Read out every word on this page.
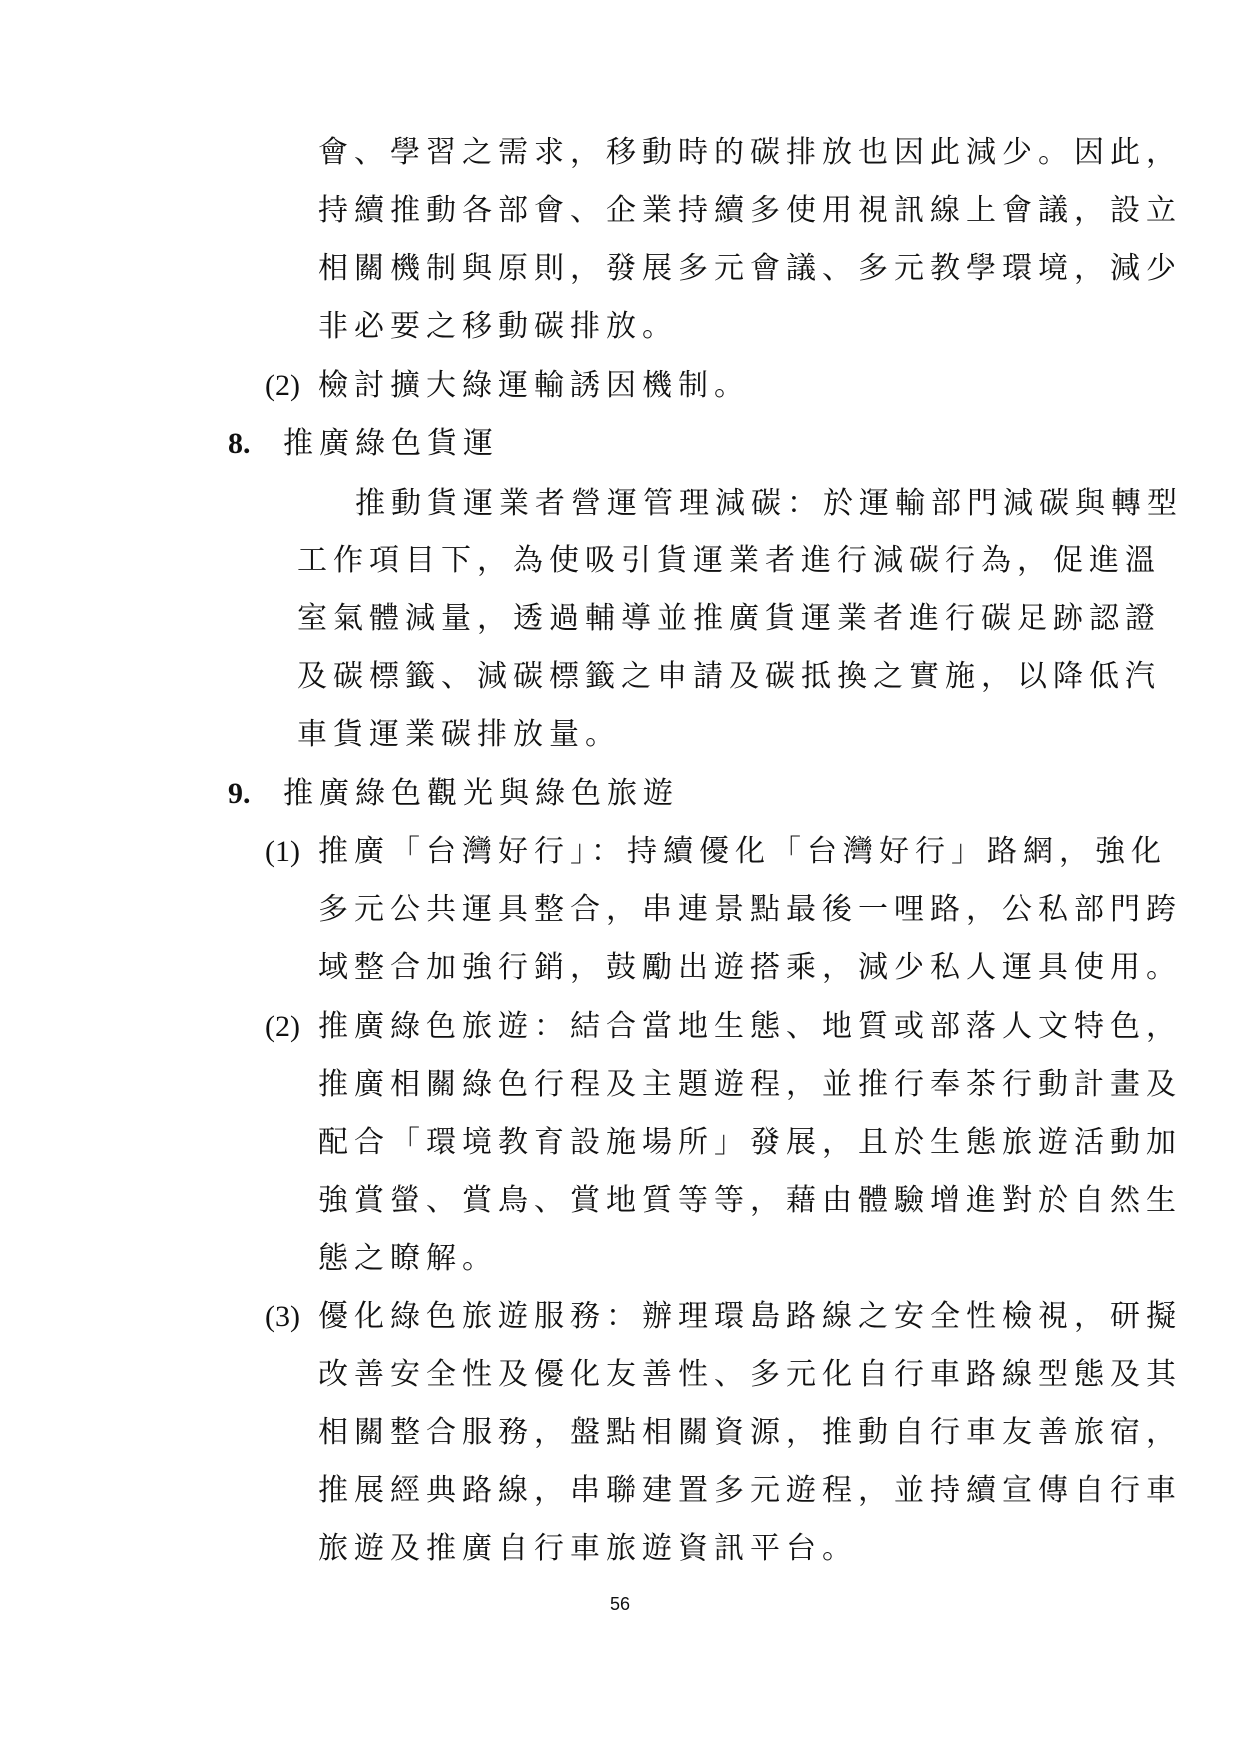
會、學習之需求，移動時的碳排放也因此減少。因此，
持續推動各部會、企業持續多使用視訊線上會議，設立
相關機制與原則，發展多元會議、多元教學環境，減少
非必要之移動碳排放。
(2) 檢討擴大綠運輸誘因機制。
8. 推廣綠色貨運
推動貨運業者營運管理減碳：於運輸部門減碳與轉型
工作項目下，為使吸引貨運業者進行減碳行為，促進溫
室氣體減量，透過輔導並推廣貨運業者進行碳足跡認證
及碳標籤、減碳標籤之申請及碳抵換之實施，以降低汽
車貨運業碳排放量。
9. 推廣綠色觀光與綠色旅遊
(1) 推廣「台灣好行」：持續優化「台灣好行」路網，強化
多元公共運具整合，串連景點最後一哩路，公私部門跨
域整合加強行銷，鼓勵出遊搭乘，減少私人運具使用。
(2) 推廣綠色旅遊：結合當地生態、地質或部落人文特色，
推廣相關綠色行程及主題遊程，並推行奉茶行動計畫及
配合「環境教育設施場所」發展，且於生態旅遊活動加
強賞螢、賞鳥、賞地質等等，藉由體驗增進對於自然生
態之瞭解。
(3) 優化綠色旅遊服務：辦理環島路線之安全性檢視，研擬
改善安全性及優化友善性、多元化自行車路線型態及其
相關整合服務，盤點相關資源，推動自行車友善旅宿，
推展經典路線，串聯建置多元遊程，並持續宣傳自行車
旅遊及推廣自行車旅遊資訊平台。
56
